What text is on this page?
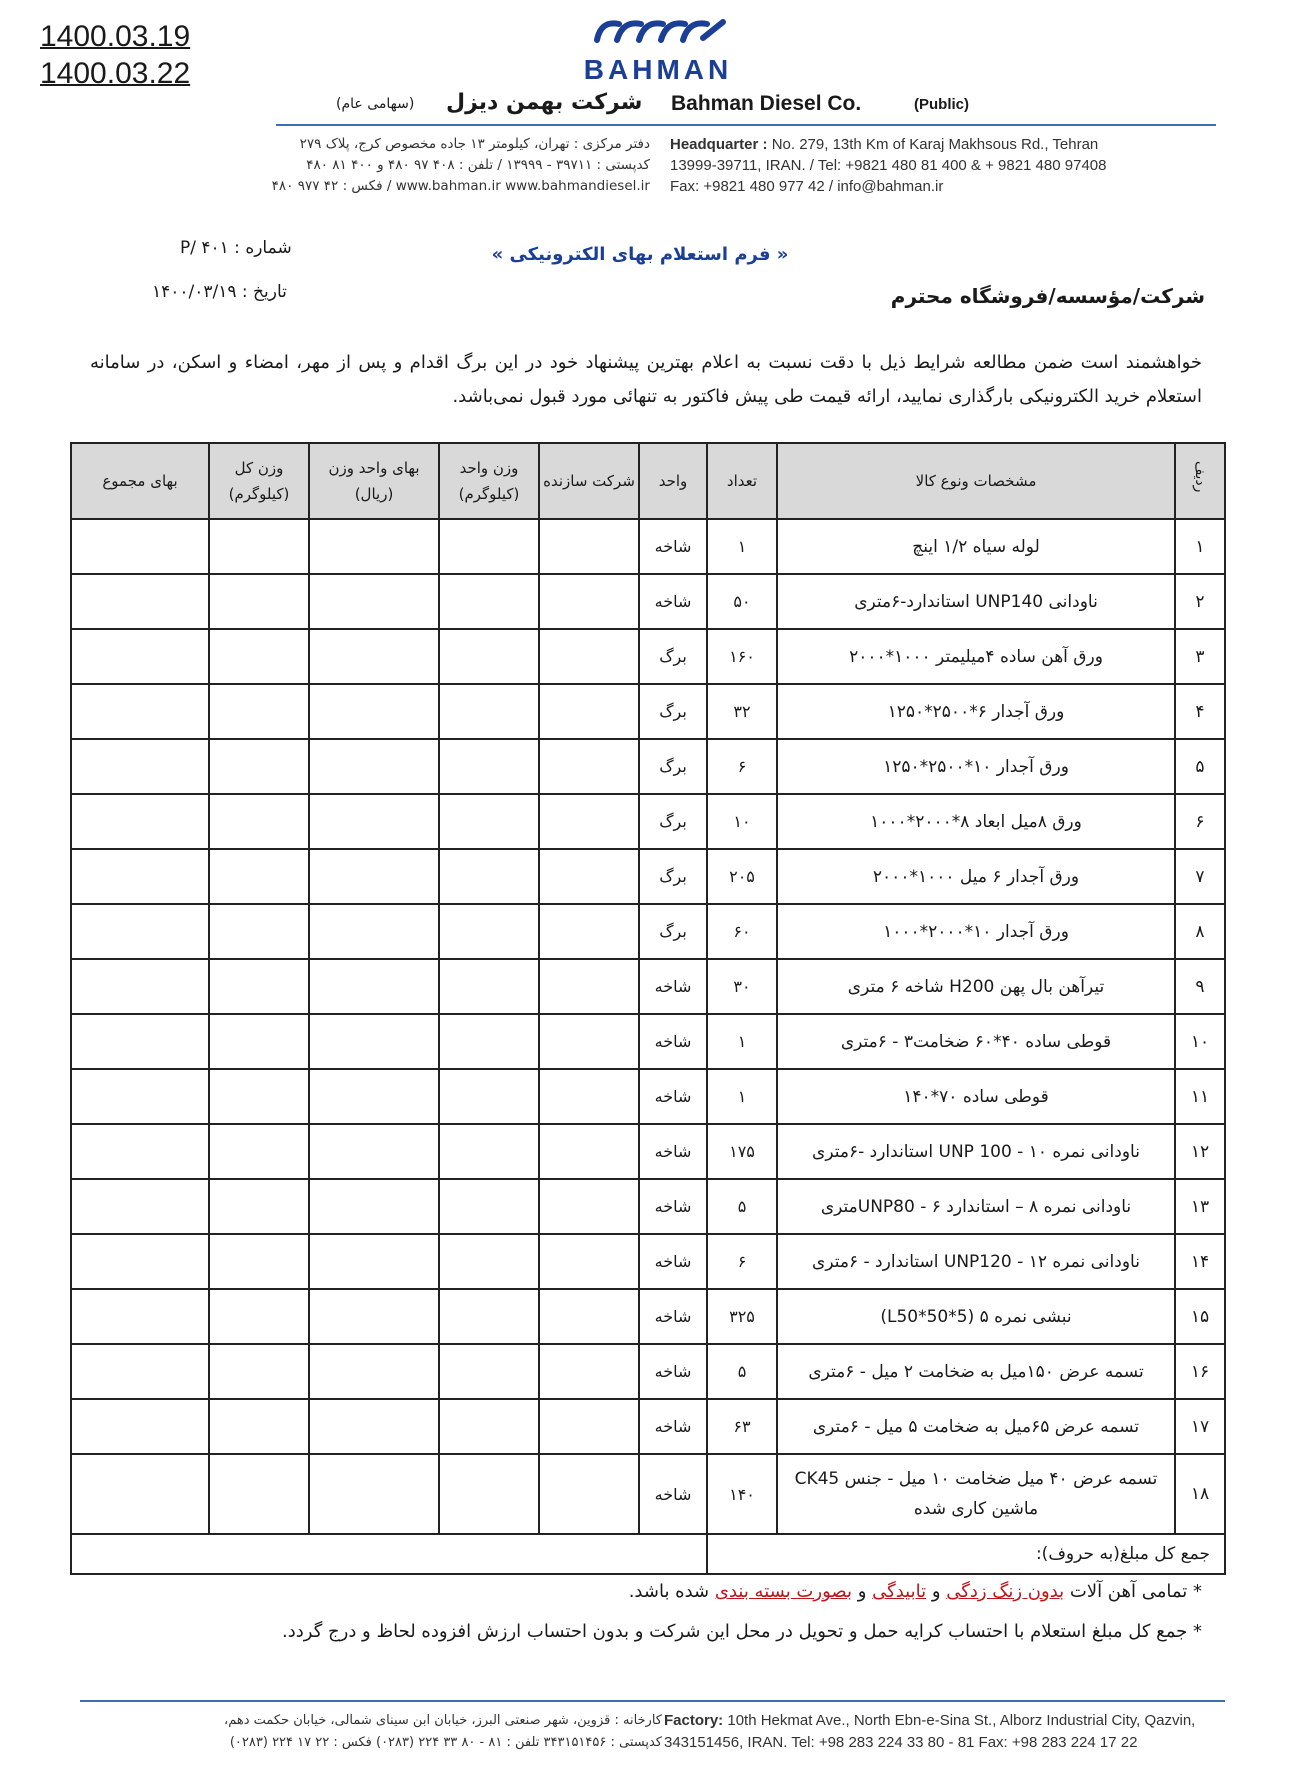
1400.03.19
1400.03.22	BAHMAN
(سهامی عام) شرکت بهمن دیزل Bahman Diesel Co.	(Public)
دفتر مرکزی : تهران، کیلومتر ۱۳ جاده مخصوص کرج، پلاک ۲۷۹
کدپستی : ۳۹۷۱۱ - ۱۳۹۹۹ / تلفن : ۴۰۸ ۹۷ ۴۸۰ و ۴۰۰ ۸۱ ۴۸۰
www.bahman.ir www.bahmandiesel.ir / فکس : ۴۲ ۹۷۷ ۴۸۰
Headquarter : No. 279, 13th Km of Karaj Makhsous Rd., Tehran
13999-39711, IRAN. / Tel: +9821 480 81 400 & + 9821 480 97408
Fax: +9821 480 977 42 / info@bahman.ir
شماره : P/ ۴۰۱
تاریخ : ۱۴۰۰/۰۳/۱۹
« فرم استعلام بهای الکترونیکی »
شرکت/مؤسسه/فروشگاه محترم
خواهشمند است ضمن مطالعه شرایط ذیل با دقت نسبت به اعلام بهترین پیشنهاد خود در این برگ اقدام و پس از مهر، امضاء و اسکن، در سامانه استعلام خرید الکترونیکی بارگذاری نمایید، ارائه قیمت طی پیش فاکتور به تنهائی مورد قبول نمی‌باشد.
ردیف	مشخصات ونوع کالا	تعداد	واحد	شرکت سازنده	وزن واحد (کیلوگرم)	بهای واحد وزن (ریال)	وزن کل (کیلوگرم)	بهای مجموع
۱	لوله سیاه ۱/۲ اینچ	۱	شاخه					
۲	ناودانی UNP140 استاندارد-۶متری	۵۰	شاخه					
۳	ورق آهن ساده ۴میلیمتر ۱۰۰۰*۲۰۰۰	۱۶۰	برگ					
۴	ورق آجدار ۶*۲۵۰۰*۱۲۵۰	۳۲	برگ					
۵	ورق آجدار ۱۰*۲۵۰۰*۱۲۵۰	۶	برگ					
۶	ورق ۸میل ابعاد ۸*۲۰۰۰*۱۰۰۰	۱۰	برگ					
۷	ورق آجدار ۶ میل ۱۰۰۰*۲۰۰۰	۲۰۵	برگ					
۸	ورق آجدار ۱۰*۲۰۰۰*۱۰۰۰	۶۰	برگ					
۹	تیرآهن بال پهن H200 شاخه ۶ متری	۳۰	شاخه					
۱۰	قوطی ساده ۴۰*۶۰ ضخامت۳ - ۶متری	۱	شاخه					
۱۱	قوطی ساده ۷۰*۱۴۰	۱	شاخه					
۱۲	ناودانی نمره ۱۰ - UNP 100 استاندارد -۶متری	۱۷۵	شاخه					
۱۳	ناودانی نمره ۸ – استاندارد UNP80 - ۶متری	۵	شاخه					
۱۴	ناودانی نمره ۱۲ - UNP120 استاندارد - ۶متری	۶	شاخه					
۱۵	نبشی نمره ۵ (L50*50*5)	۳۲۵	شاخه					
۱۶	تسمه عرض ۱۵۰میل به ضخامت ۲ میل - ۶متری	۵	شاخه					
۱۷	تسمه عرض ۶۵میل به ضخامت ۵ میل - ۶متری	۶۳	شاخه					
۱۸	تسمه عرض ۴۰ میل ضخامت ۱۰ میل - جنس CK45 ماشین کاری شده	۱۴۰	شاخه					
جمع کل مبلغ(به حروف):								
* تمامی آهن آلات بدون زنگ زدگی و تابیدگی و بصورت بسته بندی شده باشد.
* جمع کل مبلغ استعلام با احتساب کرایه حمل و تحویل در محل این شرکت و بدون احتساب ارزش افزوده لحاظ و درج گردد.
کارخانه : قزوین، شهر صنعتی البرز، خیابان ابن سینای شمالی، خیابان حکمت دهم،
کدپستی : ۳۴۳۱۵۱۴۵۶ تلفن : ۸۱ - ۸۰ ۳۳ ۲۲۴ (۰۲۸۳) فکس : ۲۲ ۱۷ ۲۲۴ (۰۲۸۳)
Factory: 10th Hekmat Ave., North Ebn-e-Sina St., Alborz Industrial City, Qazvin,
343151456, IRAN. Tel: +98 283 224 33 80 - 81 Fax: +98 283 224 17 22
